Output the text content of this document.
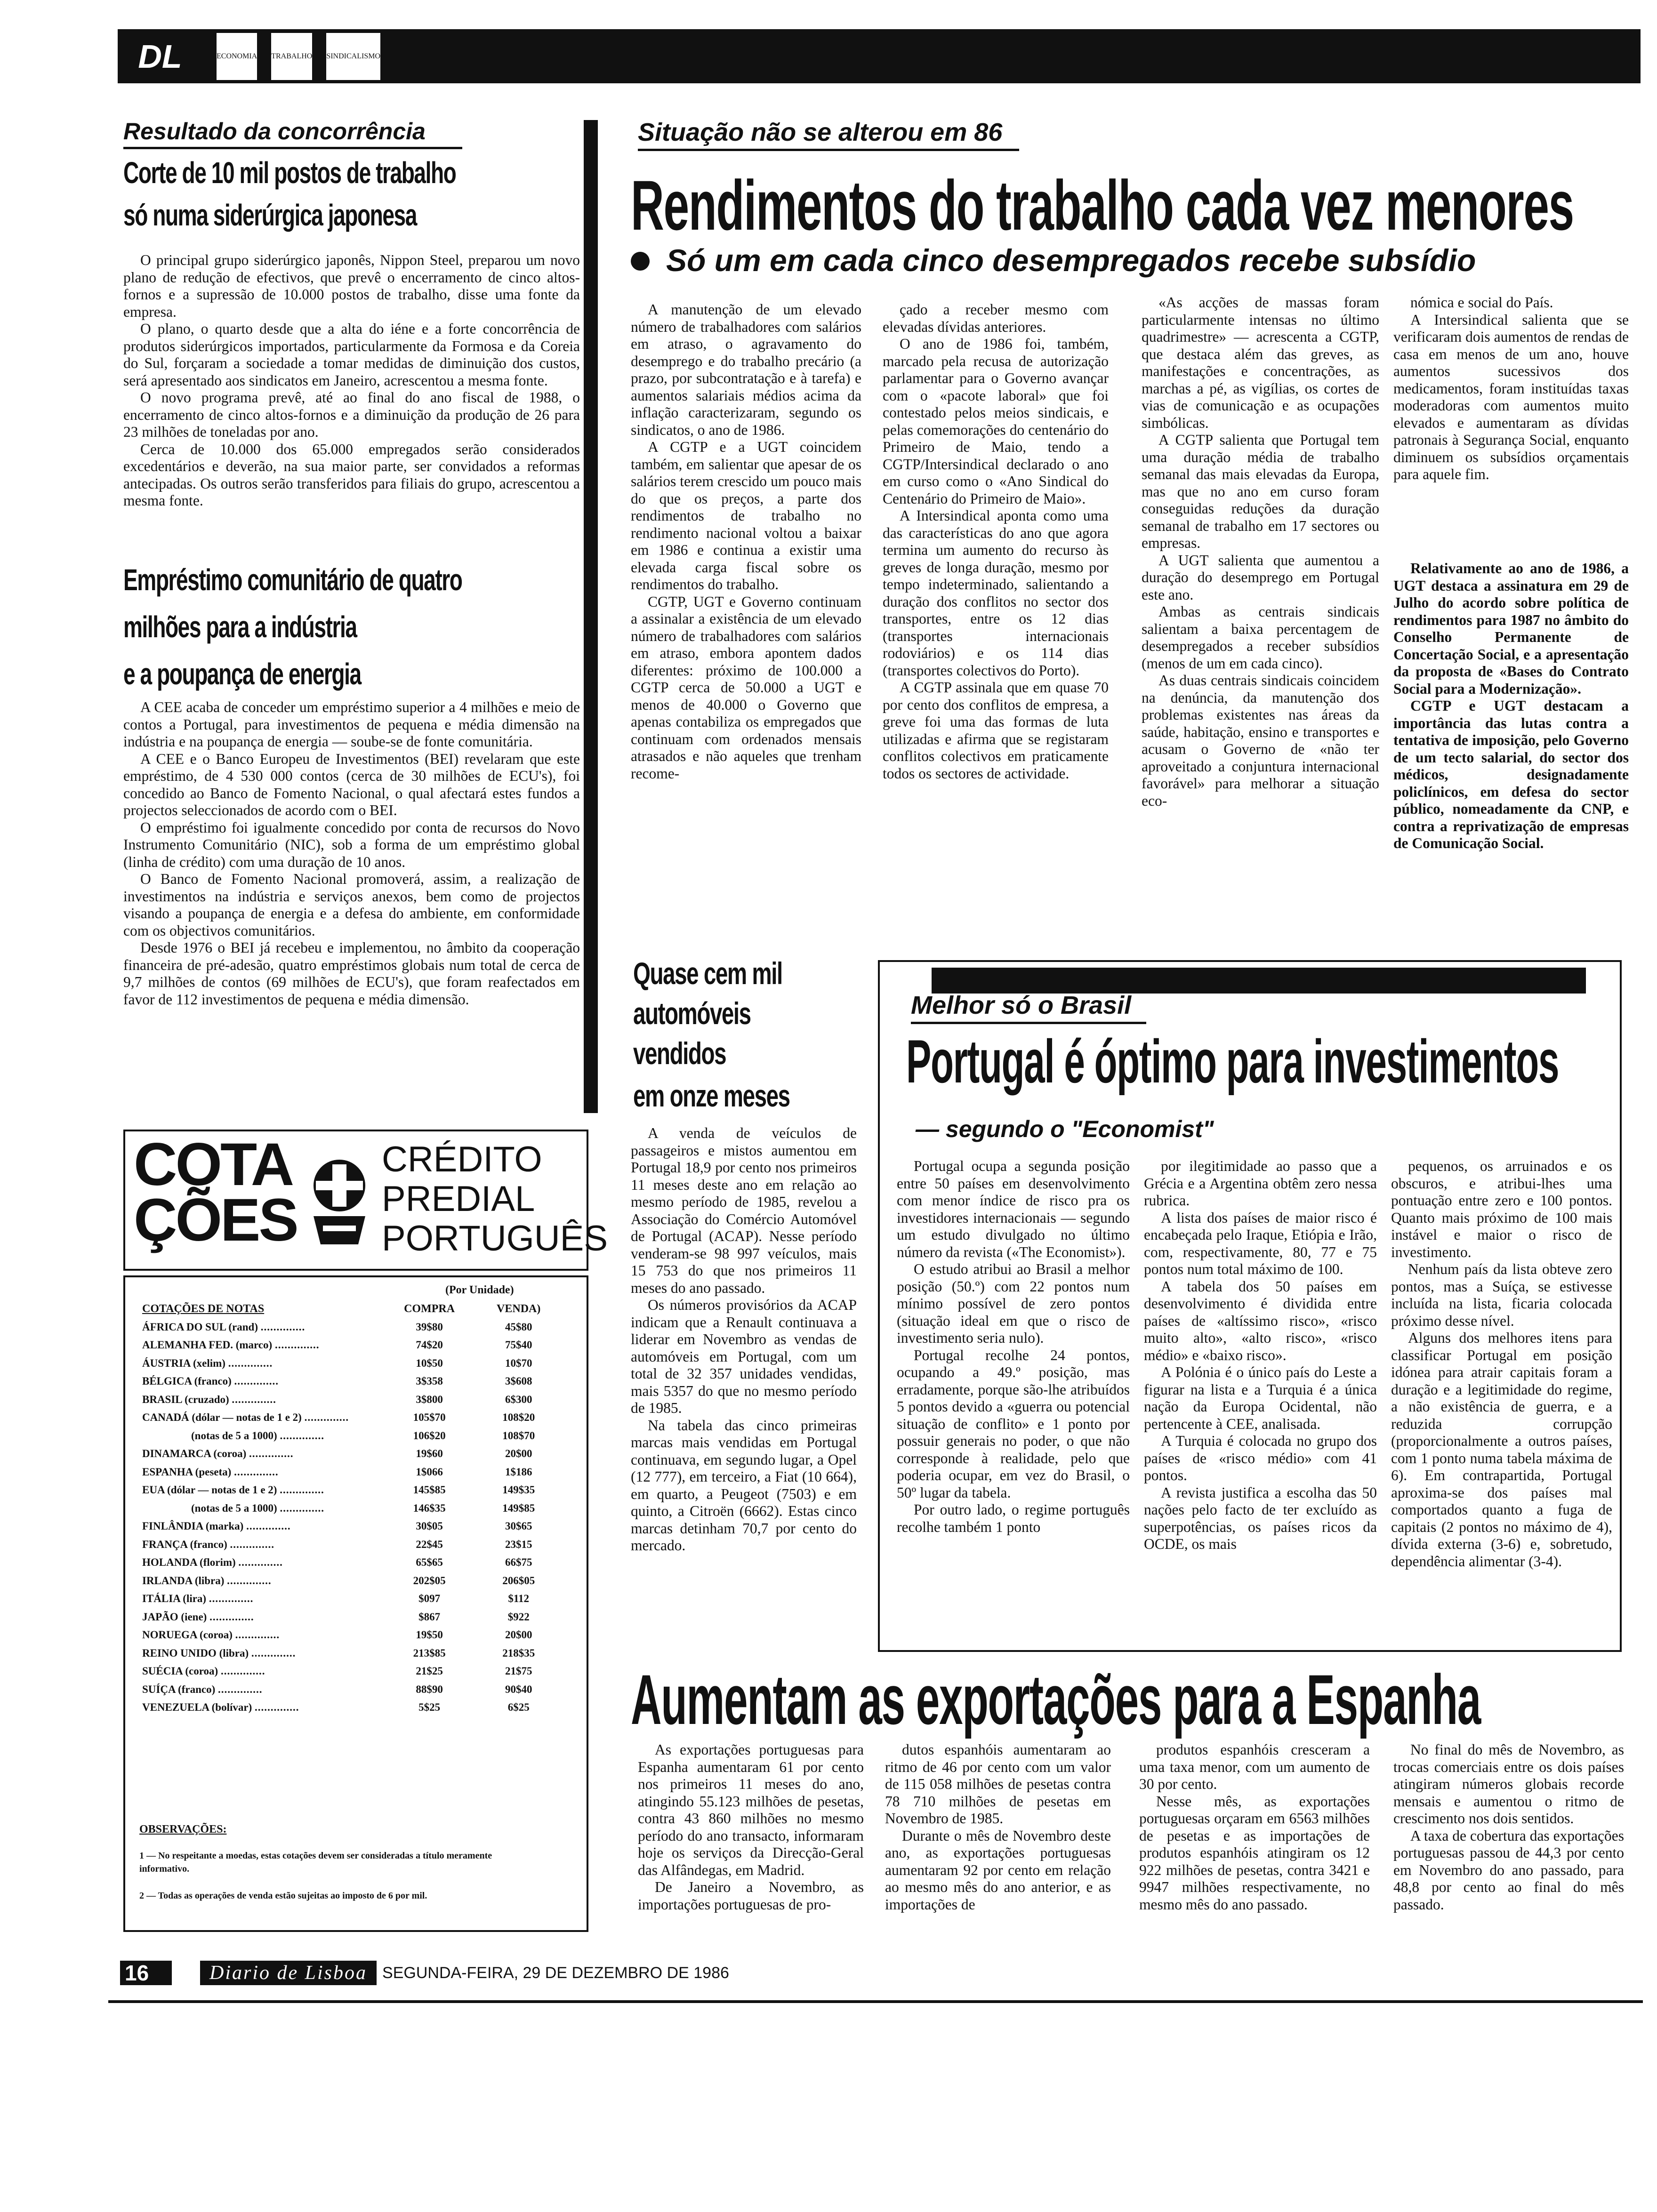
DL	ECONOMIA TRABALHO SINDICALISMO
Resultado da concorrência
Corte de 10 mil postos de trabalho
só numa siderúrgica japonesa

O principal grupo siderúrgico japonês, Nippon Steel, preparou um novo plano de redução de efectivos, que prevê o encerramento de cinco altos-fornos e a supressão de 10.000 postos de trabalho, disse uma fonte da empresa.

O plano, o quarto desde que a alta do iéne e a forte concorrência de produtos siderúrgicos importados, particularmente da Formosa e da Coreia do Sul, forçaram a sociedade a tomar medidas de diminuição dos custos, será apresentado aos sindicatos em Janeiro, acrescentou a mesma fonte.

O novo programa prevê, até ao final do ano fiscal de 1988, o encerramento de cinco altos-fornos e a diminuição da produção de 26 para 23 milhões de toneladas por ano.

Cerca de 10.000 dos 65.000 empregados serão considerados excedentários e deverão, na sua maior parte, ser convidados a reformas antecipadas. Os outros serão transferidos para filiais do grupo, acrescentou a mesma fonte.

Empréstimo comunitário de quatro
milhões para a indústria
e a poupança de energia

A CEE acaba de conceder um empréstimo superior a 4 milhões e meio de contos a Portugal, para investimentos de pequena e média dimensão na indústria e na poupança de energia — soube-se de fonte comunitária.

A CEE e o Banco Europeu de Investimentos (BEI) revelaram que este empréstimo, de 4 530 000 contos (cerca de 30 milhões de ECU's), foi concedido ao Banco de Fomento Nacional, o qual afectará estes fundos a projectos seleccionados de acordo com o BEI.

O empréstimo foi igualmente concedido por conta de recursos do Novo Instrumento Comunitário (NIC), sob a forma de um empréstimo global (linha de crédito) com uma duração de 10 anos.

O Banco de Fomento Nacional promoverá, assim, a realização de investimentos na indústria e serviços anexos, bem como de projectos visando a poupança de energia e a defesa do ambiente, em conformidade com os objectivos comunitários.

Desde 1976 o BEI já recebeu e implementou, no âmbito da cooperação financeira de pré-adesão, quatro empréstimos globais num total de cerca de 9,7 milhões de contos (69 milhões de ECU's), que foram reafectados em favor de 112 investimentos de pequena e média dimensão.

COTA
ÇÕES
CRÉDITO
PREDIAL
PORTUGUÊS
(Por Unidade)
COTAÇÕES DE NOTAS	COMPRA	VENDA)
ÁFRICA DO SUL (rand) ..............	39$80	45$80
ALEMANHA FED. (marco) ..............	74$20	75$40
ÁUSTRIA (xelim) ..............	10$50	10$70
BÉLGICA (franco) ..............	3$358	3$608
BRASIL (cruzado) ..............	3$800	6$300
CANADÁ (dólar — notas de 1 e 2) ..............	105$70	108$20
(notas de 5 a 1000) ..............	106$20	108$70
DINAMARCA (coroa) ..............	19$60	20$00
ESPANHA (peseta) ..............	1$066	1$186
EUA (dólar — notas de 1 e 2) ..............	145$85	149$35
(notas de 5 a 1000) ..............	146$35	149$85
FINLÂNDIA (marka) ..............	30$05	30$65
FRANÇA (franco) ..............	22$45	23$15
HOLANDA (florim) ..............	65$65	66$75
IRLANDA (libra) ..............	202$05	206$05
ITÁLIA (lira) ..............	$097	$112
JAPÃO (iene) ..............	$867	$922
NORUEGA (coroa) ..............	19$50	20$00
REINO UNIDO (libra) ..............	213$85	218$35
SUÉCIA (coroa) ..............	21$25	21$75
SUÍÇA (franco) ..............	88$90	90$40
VENEZUELA (bolívar) ..............	5$25	6$25
OBSERVAÇÕES:
1 — No respeitante a moedas, estas cotações devem ser consideradas a título meramente informativo.
2 — Todas as operações de venda estão sujeitas ao imposto de 6 por mil.
Situação não se alterou em 86
Rendimentos do trabalho cada vez menores
Só um em cada cinco desempregados recebe subsídio

A manutenção de um elevado número de trabalhadores com salários em atraso, o agravamento do desemprego e do trabalho precário (a prazo, por subcontratação e à tarefa) e aumentos salariais médios acima da inflação caracterizaram, segundo os sindicatos, o ano de 1986.

A CGTP e a UGT coincidem também, em salientar que apesar de os salários terem crescido um pouco mais do que os preços, a parte dos rendimentos de trabalho no rendimento nacional voltou a baixar em 1986 e continua a existir uma elevada carga fiscal sobre os rendimentos do trabalho.

CGTP, UGT e Governo continuam a assinalar a existência de um elevado número de trabalhadores com salários em atraso, embora apontem dados diferentes: próximo de 100.000 a CGTP cerca de 50.000 a UGT e menos de 40.000 o Governo que apenas contabiliza os empregados que continuam com ordenados mensais atrasados e não aqueles que trenham recome-

çado a receber mesmo com elevadas dívidas anteriores.

O ano de 1986 foi, também, marcado pela recusa de autorização parlamentar para o Governo avançar com o «pacote laboral» que foi contestado pelos meios sindicais, e pelas comemorações do centenário do Primeiro de Maio, tendo a CGTP/Intersindical declarado o ano em curso como o «Ano Sindical do Centenário do Primeiro de Maio».

A Intersindical aponta como uma das características do ano que agora termina um aumento do recurso às greves de longa duração, mesmo por tempo indeterminado, salientando a duração dos conflitos no sector dos transportes, entre os 12 dias (transportes internacionais rodoviários) e os 114 dias (transportes colectivos do Porto).

A CGTP assinala que em quase 70 por cento dos conflitos de empresa, a greve foi uma das formas de luta utilizadas e afirma que se registaram conflitos colectivos em praticamente todos os sectores de actividade.

«As acções de massas foram particularmente intensas no último quadrimestre» — acrescenta a CGTP, que destaca além das greves, as manifestações e concentrações, as marchas a pé, as vigílias, os cortes de vias de comunicação e as ocupações simbólicas.

A CGTP salienta que Portugal tem uma duração média de trabalho semanal das mais elevadas da Europa, mas que no ano em curso foram conseguidas reduções da duração semanal de trabalho em 17 sectores ou empresas.

A UGT salienta que aumentou a duração do desemprego em Portugal este ano.

Ambas as centrais sindicais salientam a baixa percentagem de desempregados a receber subsídios (menos de um em cada cinco).

As duas centrais sindicais coincidem na denúncia, da manutenção dos problemas existentes nas áreas da saúde, habitação, ensino e transportes e acusam o Governo de «não ter aproveitado a conjuntura internacional favorável» para melhorar a situação eco-

nómica e social do País.

A Intersindical salienta que se verificaram dois aumentos de rendas de casa em menos de um ano, houve aumentos sucessivos dos medicamentos, foram instituídas taxas moderadoras com aumentos muito elevados e aumentaram as dívidas patronais à Segurança Social, enquanto diminuem os subsídios orçamentais para aquele fim.

Relativamente ao ano de 1986, a UGT destaca a assinatura em 29 de Julho do acordo sobre política de rendimentos para 1987 no âmbito do Conselho Permanente de Concertação Social, e a apresentação da proposta de «Bases do Contrato Social para a Modernização».

CGTP e UGT destacam a importância das lutas contra a tentativa de imposição, pelo Governo de um tecto salarial, do sector dos médicos, designadamente policlínicos, em defesa do sector público, nomeadamente da CNP, e contra a reprivatização de empresas de Comunicação Social.

Quase cem mil
automóveis
vendidos
em onze meses

A venda de veículos de passageiros e mistos aumentou em Portugal 18,9 por cento nos primeiros 11 meses deste ano em relação ao mesmo período de 1985, revelou a Associação do Comércio Automóvel de Portugal (ACAP). Nesse período venderam-se 98 997 veículos, mais 15 753 do que nos primeiros 11 meses do ano passado.

Os números provisórios da ACAP indicam que a Renault continuava a liderar em Novembro as vendas de automóveis em Portugal, com um total de 32 357 unidades vendidas, mais 5357 do que no mesmo período de 1985.

Na tabela das cinco primeiras marcas mais vendidas em Portugal continuava, em segundo lugar, a Opel (12 777), em terceiro, a Fiat (10 664), em quarto, a Peugeot (7503) e em quinto, a Citroën (6662). Estas cinco marcas detinham 70,7 por cento do mercado.

Melhor só o Brasil
Portugal é óptimo para investimentos
— segundo o "Economist"

Portugal ocupa a segunda posição entre 50 países em desenvolvimento com menor índice de risco pra os investidores internacionais — segundo um estudo divulgado no último número da revista («The Economist»).

O estudo atribui ao Brasil a melhor posição (50.º) com 22 pontos num mínimo possível de zero pontos (situação ideal em que o risco de investimento seria nulo).

Portugal recolhe 24 pontos, ocupando a 49.º posição, mas erradamente, porque são-lhe atribuídos 5 pontos devido a «guerra ou potencial situação de conflito» e 1 ponto por possuir generais no poder, o que não corresponde à realidade, pelo que poderia ocupar, em vez do Brasil, o 50º lugar da tabela.

Por outro lado, o regime português recolhe também 1 ponto

por ilegitimidade ao passo que a Grécia e a Argentina obtêm zero nessa rubrica.

A lista dos países de maior risco é encabeçada pelo Iraque, Etiópia e Irão, com, respectivamente, 80, 77 e 75 pontos num total máximo de 100.

A tabela dos 50 países em desenvolvimento é dividida entre países de «altíssimo risco», «risco muito alto», «alto risco», «risco médio» e «baixo risco».

A Polónia é o único país do Leste a figurar na lista e a Turquia é a única nação da Europa Ocidental, não pertencente à CEE, analisada.

A Turquia é colocada no grupo dos países de «risco médio» com 41 pontos.

A revista justifica a escolha das 50 nações pelo facto de ter excluído as superpotências, os países ricos da OCDE, os mais

pequenos, os arruinados e os obscuros, e atribui-lhes uma pontuação entre zero e 100 pontos. Quanto mais próximo de 100 mais instável e maior o risco de investimento.

Nenhum país da lista obteve zero pontos, mas a Suíça, se estivesse incluída na lista, ficaria colocada próximo desse nível.

Alguns dos melhores itens para classificar Portugal em posição idónea para atrair capitais foram a duração e a legitimidade do regime, a não existência de guerra, e a reduzida corrupção (proporcionalmente a outros países, com 1 ponto numa tabela máxima de 6). Em contrapartida, Portugal aproxima-se dos países mal comportados quanto a fuga de capitais (2 pontos no máximo de 4), dívida externa (3-6) e, sobretudo, dependência alimentar (3-4).

Aumentam as exportações para a Espanha

As exportações portuguesas para Espanha aumentaram 61 por cento nos primeiros 11 meses do ano, atingindo 55.123 milhões de pesetas, contra 43 860 milhões no mesmo período do ano transacto, informaram hoje os serviços da Direcção-Geral das Alfândegas, em Madrid.

De Janeiro a Novembro, as importações portuguesas de pro-

dutos espanhóis aumentaram ao ritmo de 46 por cento com um valor de 115 058 milhões de pesetas contra 78 710 milhões de pesetas em Novembro de 1985.

Durante o mês de Novembro deste ano, as exportações portuguesas aumentaram 92 por cento em relação ao mesmo mês do ano anterior, e as importações de

produtos espanhóis cresceram a uma taxa menor, com um aumento de 30 por cento.

Nesse mês, as exportações portuguesas orçaram em 6563 milhões de pesetas e as importações de produtos espanhóis atingiram os 12 922 milhões de pesetas, contra 3421 e 9947 milhões respectivamente, no mesmo mês do ano passado.

No final do mês de Novembro, as trocas comerciais entre os dois países atingiram números globais recorde mensais e aumentou o ritmo de crescimento nos dois sentidos.

A taxa de cobertura das exportações portuguesas passou de 44,3 por cento em Novembro do ano passado, para 48,8 por cento ao final do mês passado.

16	Diario de Lisboa SEGUNDA-FEIRA, 29 DE DEZEMBRO DE 1986
